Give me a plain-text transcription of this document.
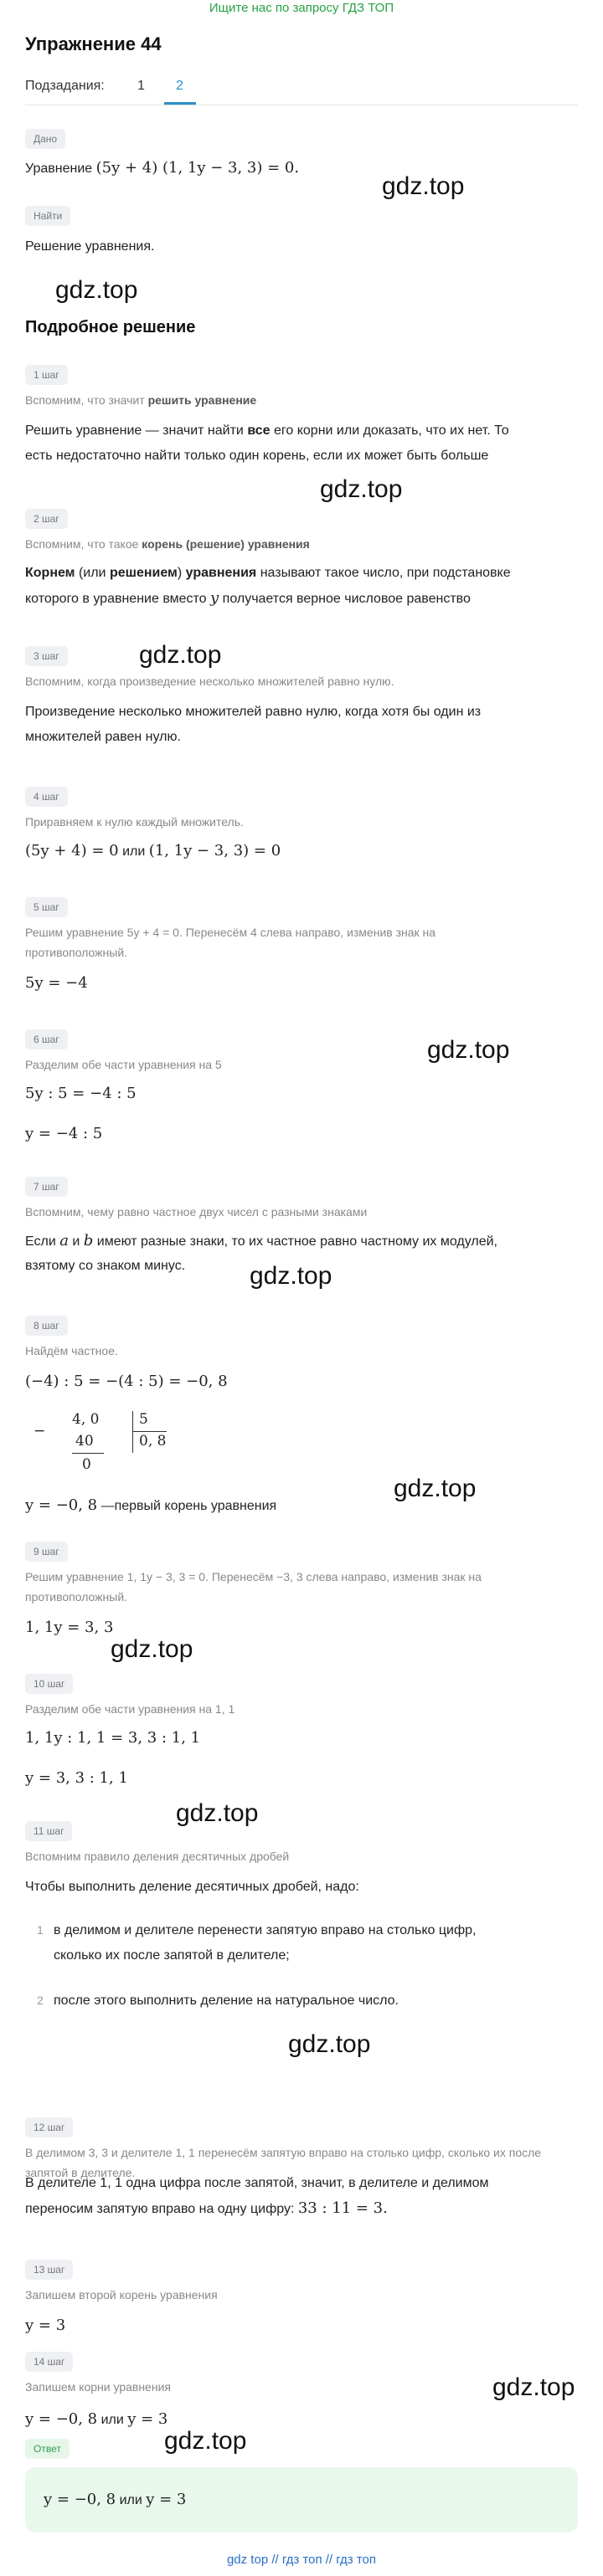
Ищите нас по запросу ГДЗ ТОП
Упражнение 44
Подзадания: 1 2
Дано
Уравнение (5y + 4) (1, 1y − 3, 3) = 0.
gdz.top
Найти
Решение уравнения.
gdz.top
Подробное решение
1 шаг
Вспомним, что значит решить уравнение
Решить уравнение — значит найти все его корни или доказать, что их нет. То
есть недостаточно найти только один корень, если их может быть больше
gdz.top
2 шаг
Вспомним, что такое корень (решение) уравнения
Корнем (или решением) уравнения называют такое число, при подстановке
которого в уравнение вместо y получается верное числовое равенство
gdz.top
3 шаг
Вспомним, когда произведение несколько множителей равно нулю.
Произведение несколько множителей равно нулю, когда хотя бы один из
множителей равен нулю.
4 шаг
Приравняем к нулю каждый множитель.
(5y + 4) = 0 или (1, 1y − 3, 3) = 0
5 шаг
Решим уравнение 5y + 4 = 0. Перенесём 4 слева направо, изменив знак на
противоположный.
5y = −4
6 шаг
Разделим обе части уравнения на 5
gdz.top
5y : 5 = −4 : 5
y = −4 : 5
7 шаг
Вспомним, чему равно частное двух чисел с разными знаками
Если a и b имеют разные знаки, то их частное равно частному их модулей,
взятому со знаком минус.	gdz.top
8 шаг
Найдём частное.
(−4) : 5 = −(4 : 5) = −0, 8
−
4, 0
40
0
5
0, 8
y = −0, 8 —первый корень уравнения
gdz.top
9 шаг
Решим уравнение 1, 1y − 3, 3 = 0. Перенесём −3, 3 слева направо, изменив знак на
противоположный.
1, 1y = 3, 3
gdz.top
10 шаг
Разделим обе части уравнения на 1, 1
1, 1y : 1, 1 = 3, 3 : 1, 1
y = 3, 3 : 1, 1
gdz.top
11 шаг
Вспомним правило деления десятичных дробей
Чтобы выполнить деление десятичных дробей, надо:
1 в делимом и делителе перенести запятую вправо на столько цифр,
сколько их после запятой в делителе;
2 после этого выполнить деление на натуральное число.
gdz.top
12 шаг
В делимом 3, 3 и делителе 1, 1 перенесём запятую вправо на столько цифр, сколько их после запятой в делителе.
В делителе 1, 1 одна цифра после запятой, значит, в делителе и делимом
переносим запятую вправо на одну цифру: 33 : 11 = 3.
13 шаг
Запишем второй корень уравнения
y = 3
14 шаг
Запишем корни уравнения	gdz.top
y = −0, 8 или y = 3
gdz.top
Ответ
y = −0, 8 или y = 3
gdz top // гдз топ // гдз топ
